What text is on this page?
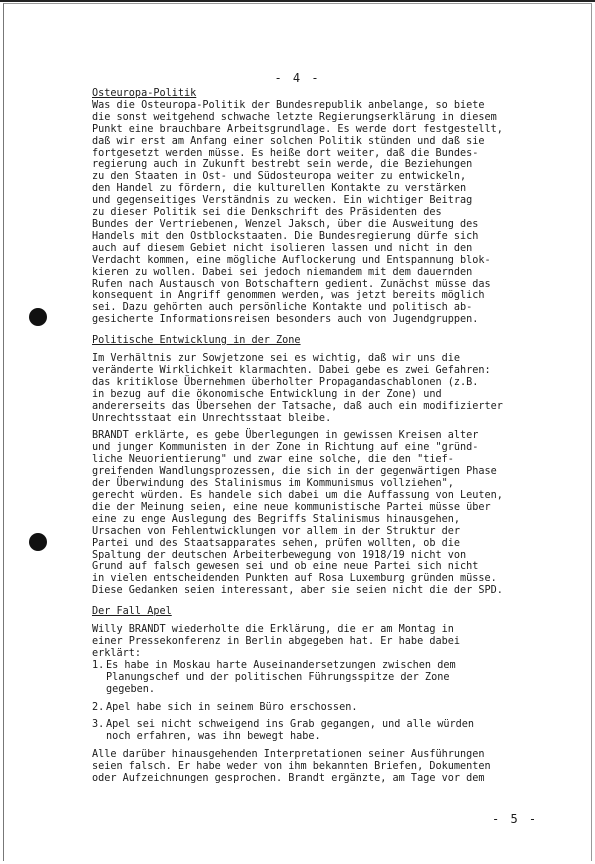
- 4 -

Osteuropa-Politik

Was die Osteuropa-Politik der Bundesrepublik anbelange, so biete

die sonst weitgehend schwache letzte Regierungserklärung in diesem

Punkt eine brauchbare Arbeitsgrundlage. Es werde dort festgestellt,

daß wir erst am Anfang einer solchen Politik stünden und daß sie

fortgesetzt werden müsse. Es heiße dort weiter, daß die Bundes-

regierung auch in Zukunft bestrebt sein werde, die Beziehungen

zu den Staaten in Ost- und Südosteuropa weiter zu entwickeln,

den Handel zu fördern, die kulturellen Kontakte zu verstärken

und gegenseitiges Verständnis zu wecken. Ein wichtiger Beitrag

zu dieser Politik sei die Denkschrift des Präsidenten des

Bundes der Vertriebenen, Wenzel Jaksch, über die Ausweitung des

Handels mit den Ostblockstaaten. Die Bundesregierung dürfe sich

auch auf diesem Gebiet nicht isolieren lassen und nicht in den

Verdacht kommen, eine mögliche Auflockerung und Entspannung blok-

kieren zu wollen. Dabei sei jedoch niemandem mit dem dauernden

Rufen nach Austausch von Botschaftern gedient. Zunächst müsse das

konsequent in Angriff genommen werden, was jetzt bereits möglich

sei. Dazu gehörten auch persönliche Kontakte und politisch ab-

gesicherte Informationsreisen besonders auch von Jugendgruppen.

Politische Entwicklung in der Zone

Im Verhältnis zur Sowjetzone sei es wichtig, daß wir uns die

veränderte Wirklichkeit klarmachten. Dabei gebe es zwei Gefahren:

das kritiklose Übernehmen überholter Propagandaschablonen (z.B.

in bezug auf die ökonomische Entwicklung in der Zone) und

andererseits das Übersehen der Tatsache, daß auch ein modifizierter

Unrechtsstaat ein Unrechtsstaat bleibe.

BRANDT erklärte, es gebe Überlegungen in gewissen Kreisen alter

und junger Kommunisten in der Zone in Richtung auf eine "gründ-

liche Neuorientierung" und zwar eine solche, die den "tief-

greifenden Wandlungsprozessen, die sich in der gegenwärtigen Phase

der Überwindung des Stalinismus im Kommunismus vollziehen",

gerecht würden. Es handele sich dabei um die Auffassung von Leuten,

die der Meinung seien, eine neue kommunistische Partei müsse über

eine zu enge Auslegung des Begriffs Stalinismus hinausgehen,

Ursachen von Fehlentwicklungen vor allem in der Struktur der

Partei und des Staatsapparates sehen, prüfen wollten, ob die

Spaltung der deutschen Arbeiterbewegung von 1918/19 nicht von

Grund auf falsch gewesen sei und ob eine neue Partei sich nicht

in vielen entscheidenden Punkten auf Rosa Luxemburg gründen müsse.

Diese Gedanken seien interessant, aber sie seien nicht die der SPD.

Der Fall Apel

Willy BRANDT wiederholte die Erklärung, die er am Montag in

einer Pressekonferenz in Berlin abgegeben hat. Er habe dabei

erklärt:

1. Es habe in Moskau harte Auseinandersetzungen zwischen dem

Planungschef und der politischen Führungsspitze der Zone

gegeben.

2. Apel habe sich in seinem Büro erschossen.

3. Apel sei nicht schweigend ins Grab gegangen, und alle würden

noch erfahren, was ihn bewegt habe.

Alle darüber hinausgehenden Interpretationen seiner Ausführungen

seien falsch. Er habe weder von ihm bekannten Briefen, Dokumenten

oder Aufzeichnungen gesprochen. Brandt ergänzte, am Tage vor dem

- 5 -
